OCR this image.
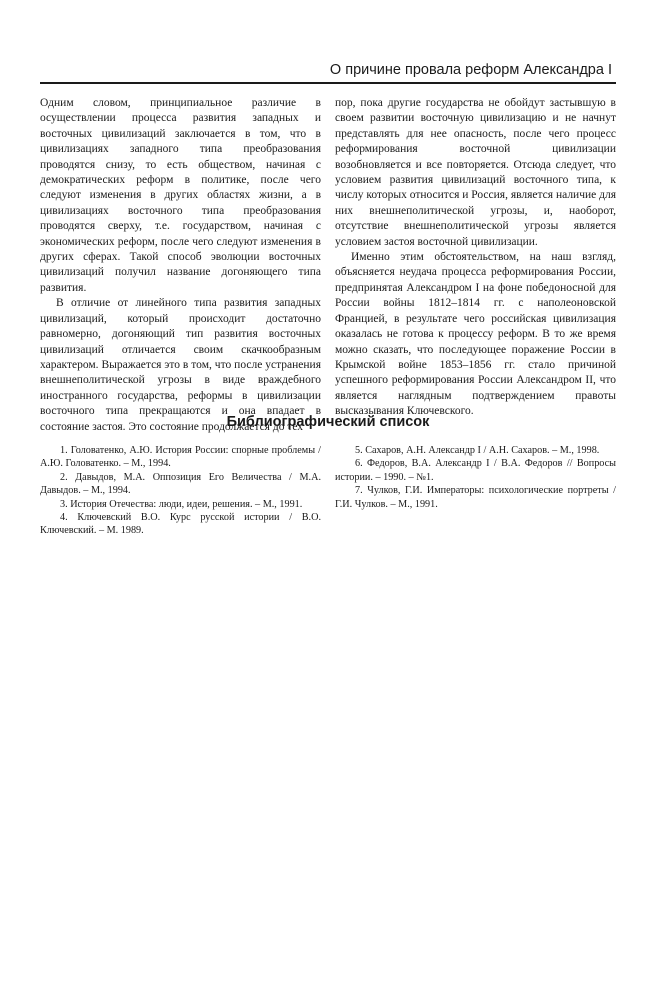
О причине провала реформ Александра I

Одним словом, принципиальное различие в осуществлении процесса развития западных и восточных цивилизаций заключается в том, что в цивилизациях западного типа преобразования проводятся снизу, то есть обществом, начиная с демократических реформ в политике, после чего следуют изменения в других областях жизни, а в цивилизациях восточного типа преобразования проводятся сверху, т.е. государством, начиная с экономических реформ, после чего следуют изменения в других сферах. Такой способ эволюции восточных цивилизаций получил название догоняющего типа развития.

В отличие от линейного типа развития западных цивилизаций, который происходит достаточно равномерно, догоняющий тип развития восточных цивилизаций отличается своим скачкообразным характером. Выражается это в том, что после устранения внешнеполитической угрозы в виде враждебного иностранного государства, реформы в цивилизации восточного типа прекращаются и она впадает в состояние застоя. Это состояние продолжается до тех

пор, пока другие государства не обойдут застывшую в своем развитии восточную цивилизацию и не начнут представлять для нее опасность, после чего процесс реформирования восточной цивилизации возобновляется и все повторяется. Отсюда следует, что условием развития цивилизаций восточного типа, к числу которых относится и Россия, является наличие для них внешнеполитической угрозы, и, наоборот, отсутствие внешнеполитической угрозы является условием застоя восточной цивилизации.

Именно этим обстоятельством, на наш взгляд, объясняется неудача процесса реформирования России, предпринятая Александром I на фоне победоносной для России войны 1812–1814 гг. с наполеоновской Францией, в результате чего российская цивилизация оказалась не готова к процессу реформ. В то же время можно сказать, что последующее поражение России в Крымской войне 1853–1856 гг. стало причиной успешного реформирования России Александром II, что является наглядным подтверждением правоты высказывания Ключевского.

Библиографический список

1. Головатенко, А.Ю. История России: спорные проблемы / А.Ю. Головатенко. – М., 1994.

2. Давыдов, М.А. Оппозиция Его Величества / М.А. Давыдов. – М., 1994.

3. История Отечества: люди, идеи, решения. – М., 1991.

4. Ключевский В.О. Курс русской истории / В.О. Ключевский. – М. 1989.

5. Сахаров, А.Н. Александр I / А.Н. Сахаров. – М., 1998.

6. Федоров, В.А. Александр I / В.А. Федоров // Вопросы истории. – 1990. – №1.

7. Чулков, Г.И. Императоры: психологические портреты / Г.И. Чулков. – М., 1991.
